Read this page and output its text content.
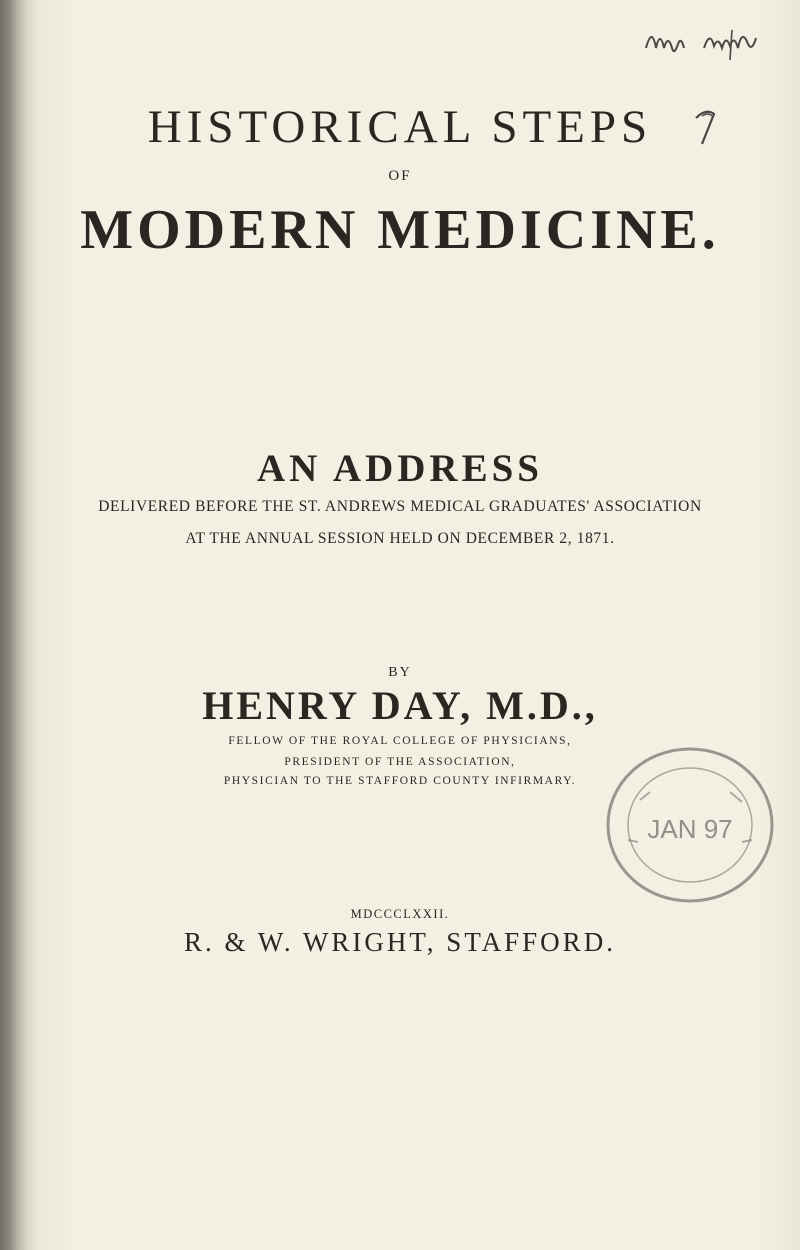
HISTORICAL STEPS
OF
MODERN MEDICINE.
AN ADDRESS
DELIVERED BEFORE THE ST. ANDREWS MEDICAL GRADUATES' ASSOCIATION
AT THE ANNUAL SESSION HELD ON DECEMBER 2, 1871.
BY
HENRY DAY, M.D.,
FELLOW OF THE ROYAL COLLEGE OF PHYSICIANS,
PRESIDENT OF THE ASSOCIATION,
PHYSICIAN TO THE STAFFORD COUNTY INFIRMARY.
JAN 97
MDCCCLXXII.
R. & W. WRIGHT, STAFFORD.
